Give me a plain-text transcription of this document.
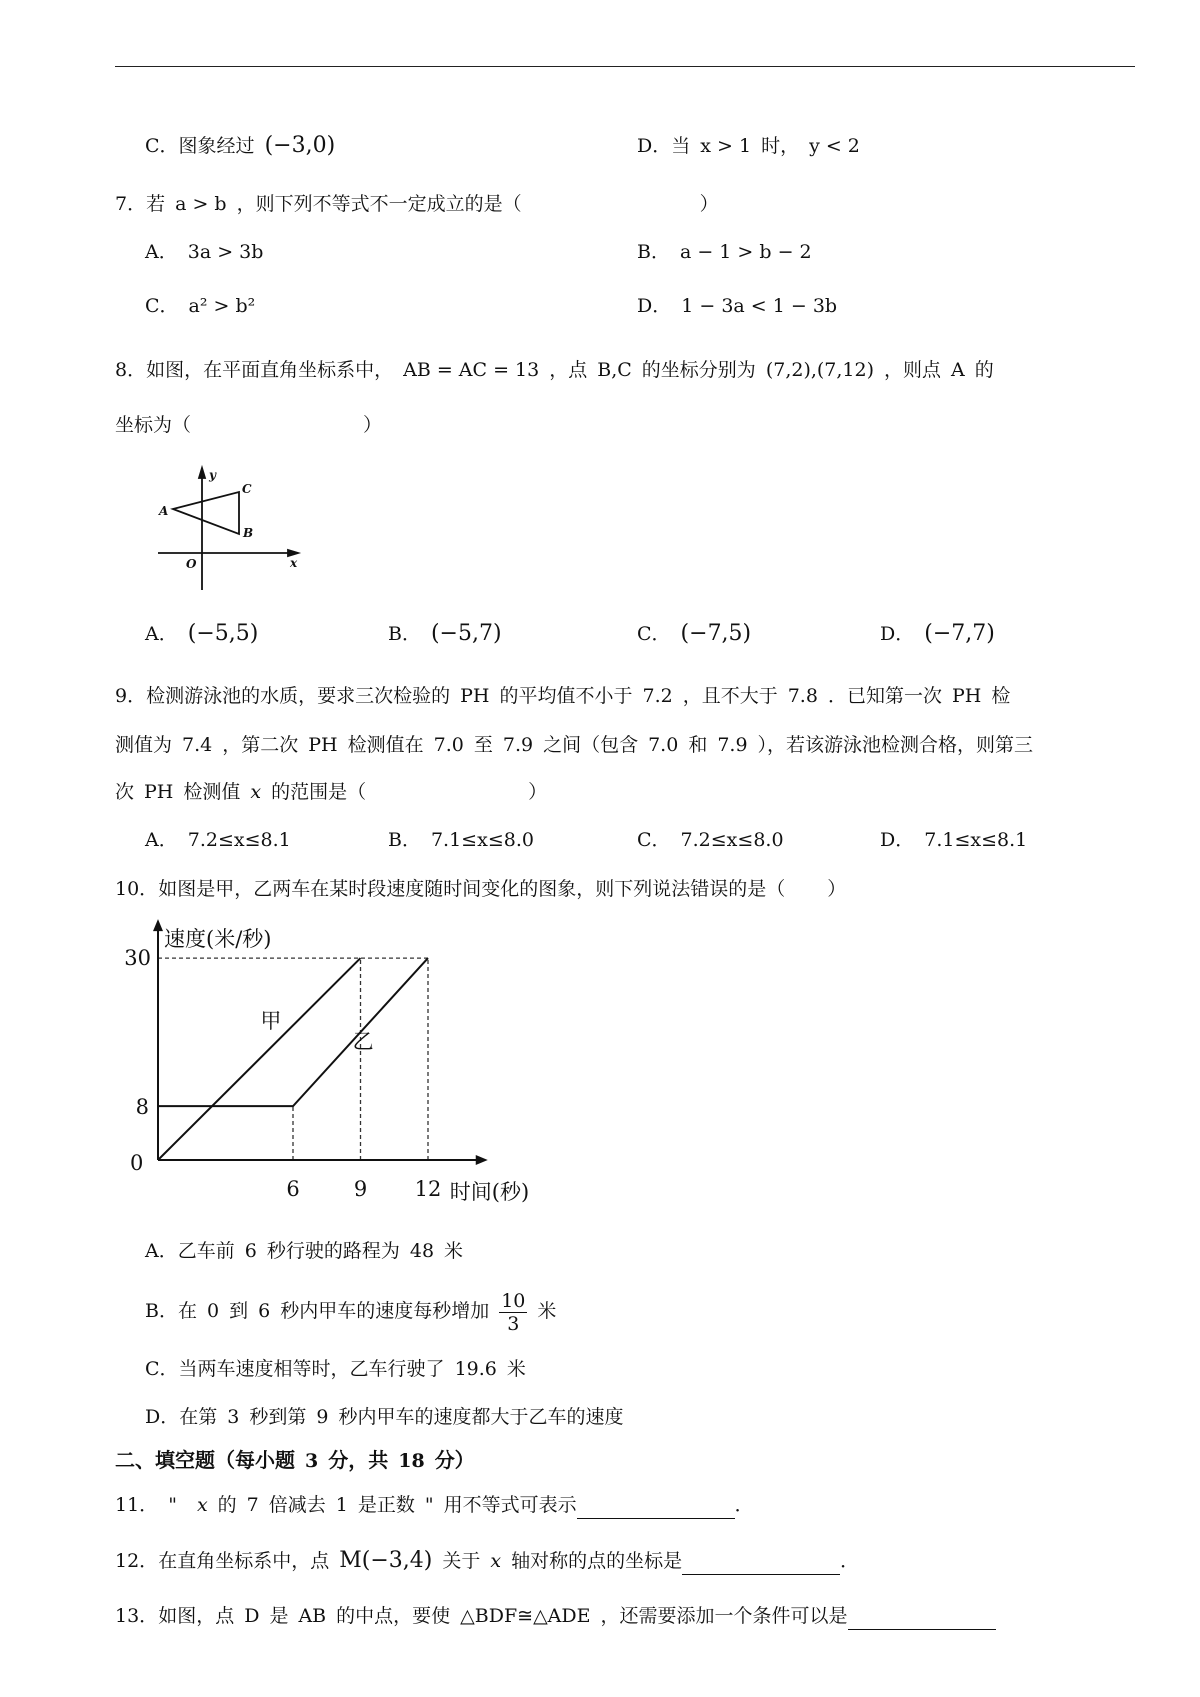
C．图象经过 (−3,0)	D．当 x > 1 时， y < 2
7．若 a > b ，则下列不等式不一定成立的是（	）
A． 3a > 3b	B． a − 1 > b − 2
C． a² > b²	D． 1 − 3a < 1 − 3b
8．如图，在平面直角坐标系中， AB = AC = 13 ，点 B,C 的坐标分别为 (7,2),(7,12) ，则点 A 的
坐标为（	）
y
x
O
A
B
C
A． (−5,5)	B． (−5,7)	C． (−7,5)	D． (−7,7)
9．检测游泳池的水质，要求三次检验的 PH 的平均值不小于 7.2 ，且不大于 7.8 ．已知第一次 PH 检
测值为 7.4 ，第二次 PH 检测值在 7.0 至 7.9 之间（包含 7.0 和 7.9 ），若该游泳池检测合格，则第三
次 PH 检测值 x 的范围是（	）
A． 7.2≤x≤8.1	B． 7.1≤x≤8.0	C． 7.2≤x≤8.0	D． 7.1≤x≤8.1
10．如图是甲，乙两车在某时段速度随时间变化的图象，则下列说法错误的是（ ）
速度(米/秒)
时间(秒)
0
30
8
6	9 12
甲
乙
A．乙车前 6 秒行驶的路程为 48 米
B．在 0 到 6 秒内甲车的速度每秒增加 $\frac{10}{3}$ 米
C．当两车速度相等时，乙车行驶了 19.6 米
D．在第 3 秒到第 9 秒内甲车的速度都大于乙车的速度
二、填空题（每小题 3 分，共 18 分）
11． " x 的 7 倍减去 1 是正数 " 用不等式可表示	．
12．在直角坐标系中，点 M(−3,4) 关于 x 轴对称的点的坐标是	．
13．如图，点 D 是 AB 的中点，要使 △BDF≅△ADE ，还需要添加一个条件可以是
